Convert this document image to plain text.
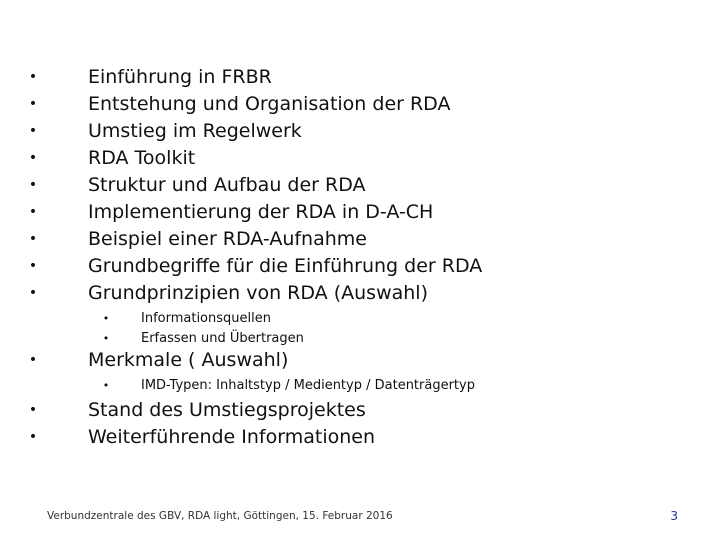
•	Einführung in FRBR
•	Entstehung und Organisation der RDA
•	Umstieg im Regelwerk
•	RDA Toolkit
•	Struktur und Aufbau der RDA
•	Implementierung der RDA in D-A-CH
•	Beispiel einer RDA-Aufnahme
•	Grundbegriffe für die Einführung der RDA
•	Grundprinzipien von RDA (Auswahl)
• Informationsquellen
• Erfassen und Übertragen
•	Merkmale ( Auswahl)
• IMD-Typen: Inhaltstyp / Medientyp / Datenträgertyp
•	Stand des Umstiegsprojektes
•	Weiterführende Informationen
Verbundzentrale des GBV, RDA light, Göttingen, 15. Februar 2016	3
